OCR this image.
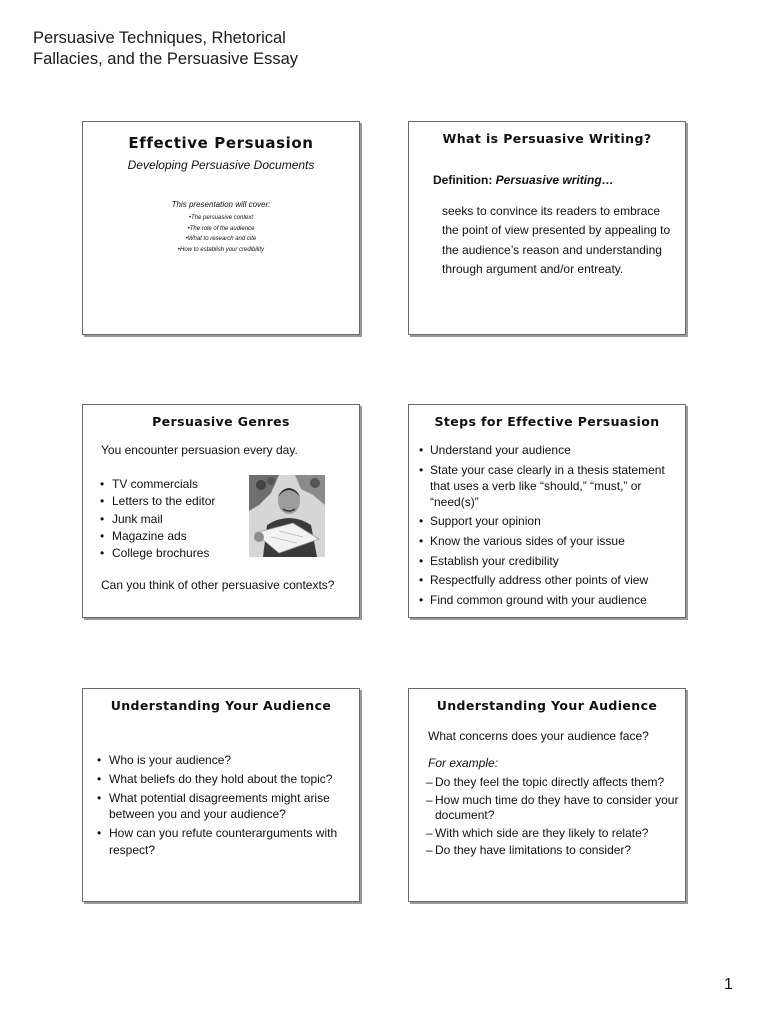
Persuasive Techniques, Rhetorical
Fallacies, and the Persuasive Essay
Effective Persuasion
Developing Persuasive Documents
This presentation will cover:
•The persuasive context
•The role of the audience
•What to research and cite
•How to establish your credibility
What is Persuasive Writing?
Definition: Persuasive writing…
seeks to convince its readers to embrace the point of view presented by appealing to the audience’s reason and understanding through argument and/or entreaty.
Persuasive Genres
You encounter persuasion every day.
• TV commercials
• Letters to the editor
• Junk mail
• Magazine ads
• College brochures
Can you think of other persuasive contexts?
Steps for Effective Persuasion
• Understand your audience
• State your case clearly in a thesis statement that uses a verb like “should,” “must,” or “need(s)”
• Support your opinion
• Know the various sides of your issue
• Establish your credibility
• Respectfully address other points of view
• Find common ground with your audience
Understanding Your Audience
• Who is your audience?
• What beliefs do they hold about the topic?
• What potential disagreements might arise between you and your audience?
• How can you refute counterarguments with respect?
Understanding Your Audience
What concerns does your audience face?
For example:
– Do they feel the topic directly affects them?
– How much time do they have to consider your document?
– With which side are they likely to relate?
– Do they have limitations to consider?
1
